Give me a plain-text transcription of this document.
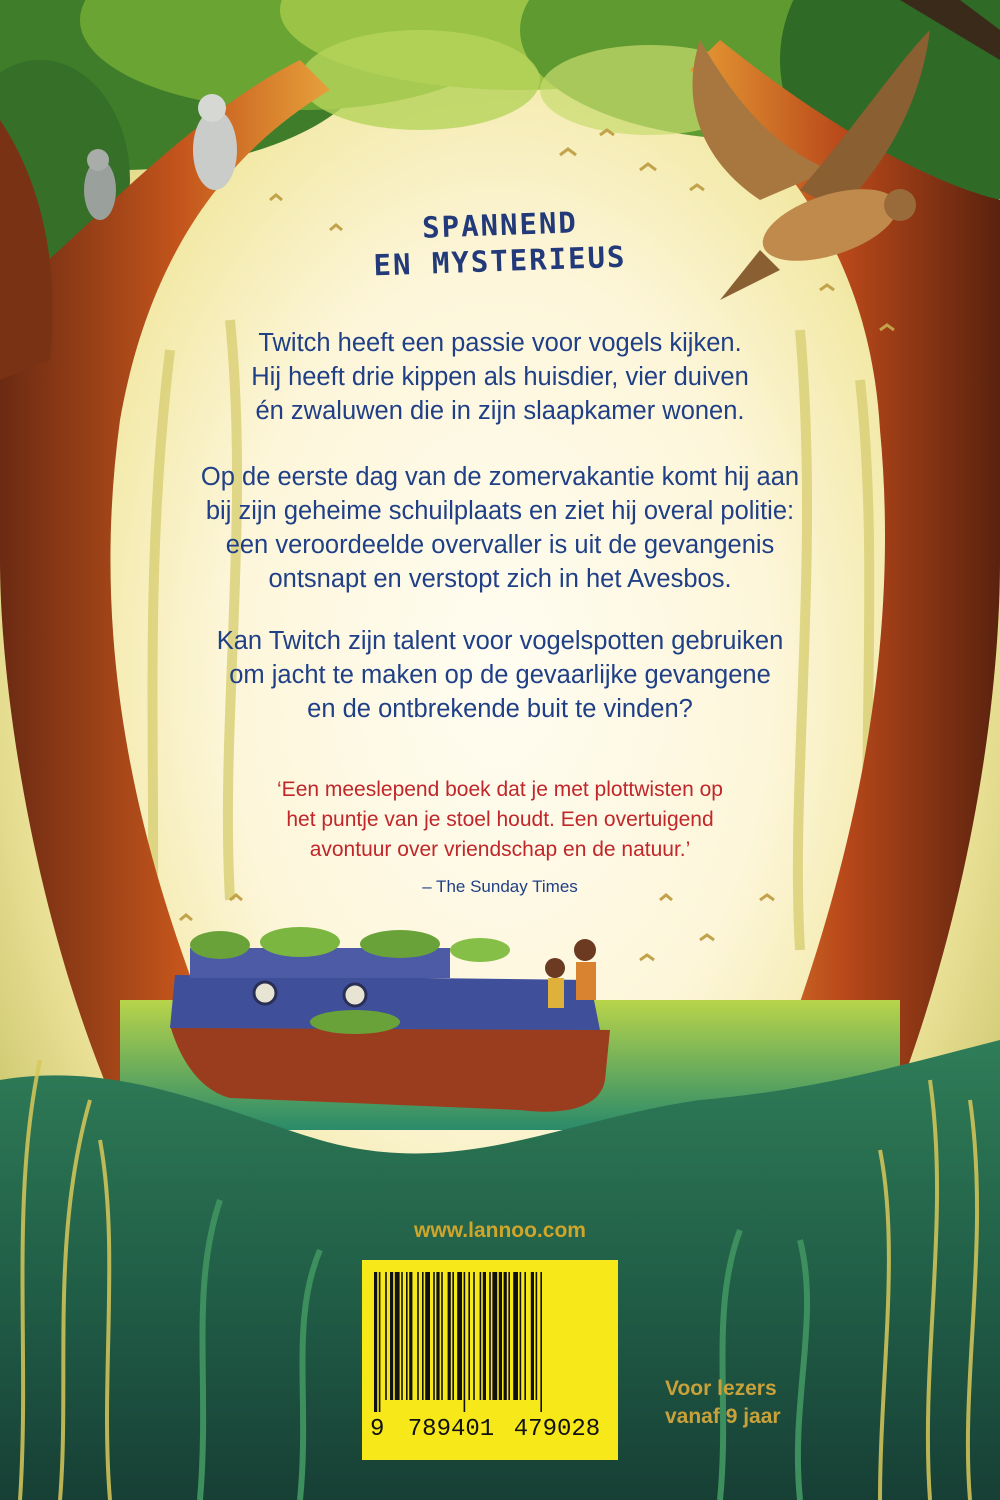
SPANNEND
EN MYSTERIEUS
Twitch heeft een passie voor vogels kijken.
Hij heeft drie kippen als huisdier, vier duiven
én zwaluwen die in zijn slaapkamer wonen.
Op de eerste dag van de zomervakantie komt hij aan
bij zijn geheime schuilplaats en ziet hij overal politie:
een veroordeelde overvaller is uit de gevangenis
ontsnapt en verstopt zich in het Avesbos.
Kan Twitch zijn talent voor vogelspotten gebruiken
om jacht te maken op de gevaarlijke gevangene
en de ontbrekende buit te vinden?
‘Een meeslepend boek dat je met plottwisten op
het puntje van je stoel houdt. Een overtuigend
avontuur over vriendschap en de natuur.’
– The Sunday Times
www.lannoo.com
9 789401 479028
Voor lezers
vanaf 9 jaar
